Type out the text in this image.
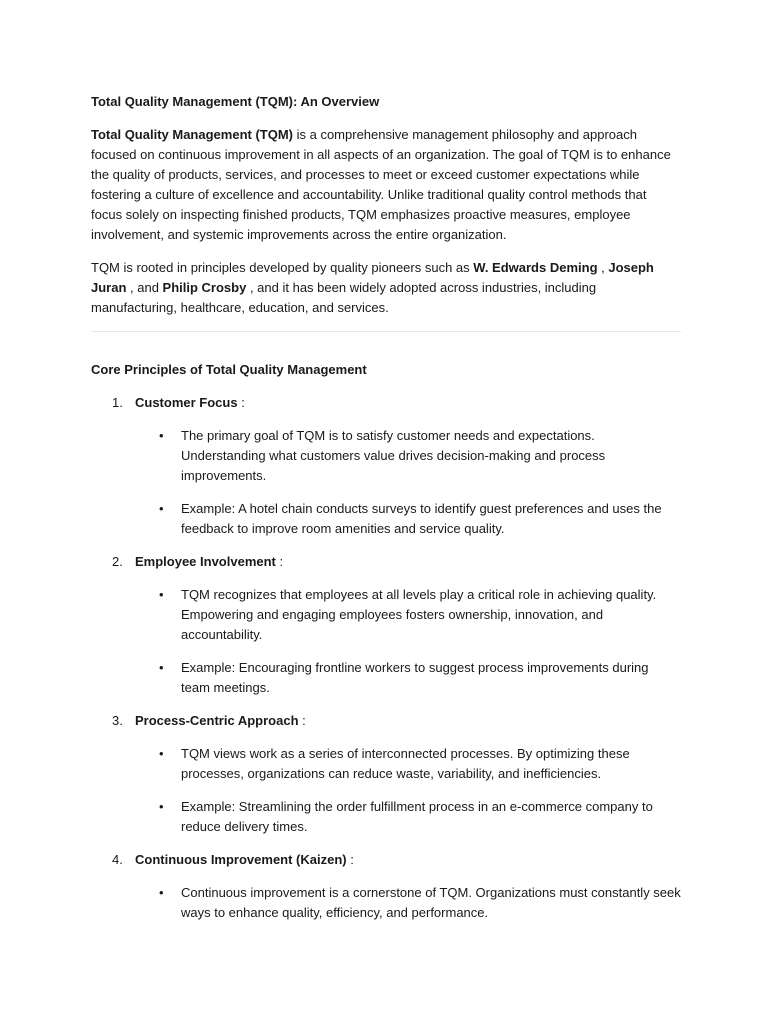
Total Quality Management (TQM): An Overview

Total Quality Management (TQM) is a comprehensive management philosophy and approach focused on continuous improvement in all aspects of an organization. The goal of TQM is to enhance the quality of products, services, and processes to meet or exceed customer expectations while fostering a culture of excellence and accountability. Unlike traditional quality control methods that focus solely on inspecting finished products, TQM emphasizes proactive measures, employee involvement, and systemic improvements across the entire organization.

TQM is rooted in principles developed by quality pioneers such as W. Edwards Deming , Joseph Juran , and Philip Crosby , and it has been widely adopted across industries, including manufacturing, healthcare, education, and services.

Core Principles of Total Quality Management
1. Customer Focus :
• The primary goal of TQM is to satisfy customer needs and expectations. Understanding what customers value drives decision-making and process improvements.
• Example: A hotel chain conducts surveys to identify guest preferences and uses the feedback to improve room amenities and service quality.
2. Employee Involvement :
• TQM recognizes that employees at all levels play a critical role in achieving quality. Empowering and engaging employees fosters ownership, innovation, and accountability.
• Example: Encouraging frontline workers to suggest process improvements during team meetings.
3. Process-Centric Approach :
• TQM views work as a series of interconnected processes. By optimizing these processes, organizations can reduce waste, variability, and inefficiencies.
• Example: Streamlining the order fulfillment process in an e-commerce company to reduce delivery times.
4. Continuous Improvement (Kaizen) :
• Continuous improvement is a cornerstone of TQM. Organizations must constantly seek ways to enhance quality, efficiency, and performance.
